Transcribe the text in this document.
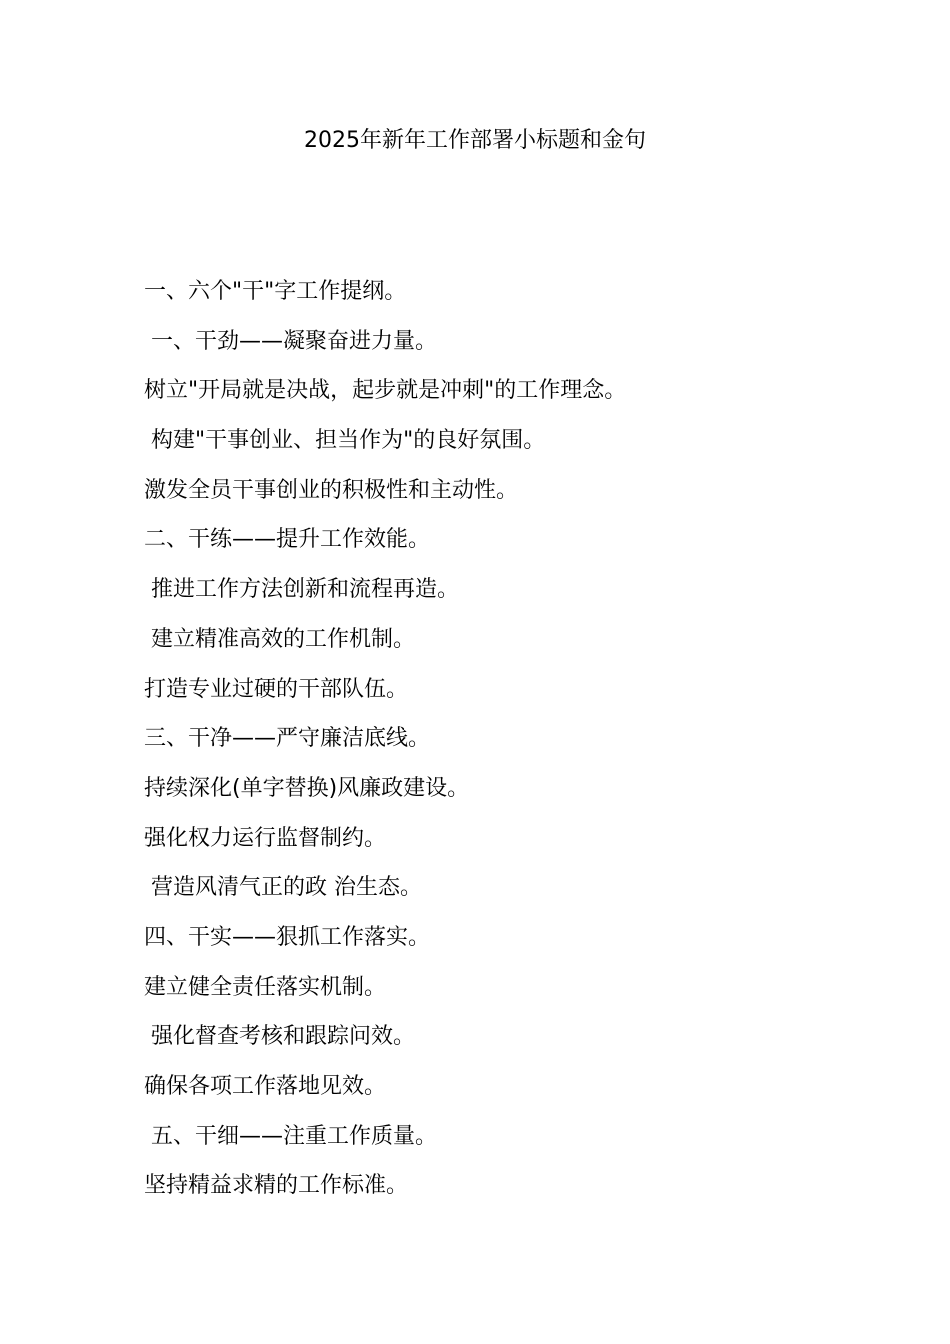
2025年新年工作部署小标题和金句
一、六个"干"字工作提纲。
一、干劲——凝聚奋进力量。
树立"开局就是决战，起步就是冲刺"的工作理念。
构建"干事创业、担当作为"的良好氛围。
激发全员干事创业的积极性和主动性。
二、干练——提升工作效能。
推进工作方法创新和流程再造。
建立精准高效的工作机制。
打造专业过硬的干部队伍。
三、干净——严守廉洁底线。
持续深化(单字替换)风廉政建设。
强化权力运行监督制约。
营造风清气正的政 治生态。
四、干实——狠抓工作落实。
建立健全责任落实机制。
强化督查考核和跟踪问效。
确保各项工作落地见效。
五、干细——注重工作质量。
坚持精益求精的工作标准。
